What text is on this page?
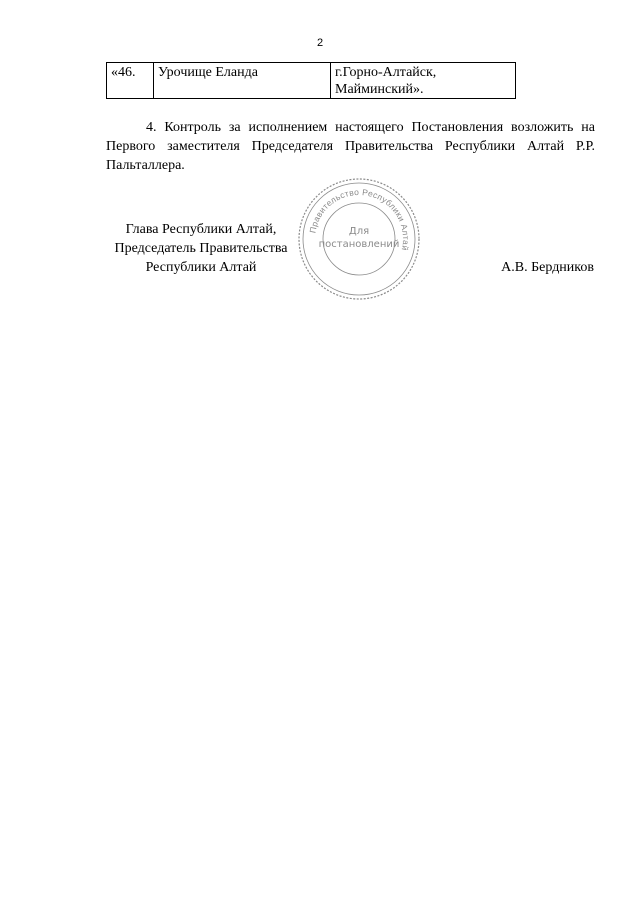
2
«46.	Урочище Еланда	г.Горно-Алтайск,
Майминский».

4. Контроль за исполнением настоящего Постановления возложить на Первого заместителя Председателя Правительства Республики Алтай Р.Р. Пальталлера.

Глава Республики Алтай,
Председатель Правительства
Республики Алтай
Правительство Республики Алтай
Для
постановлений
А.В. Бердников
